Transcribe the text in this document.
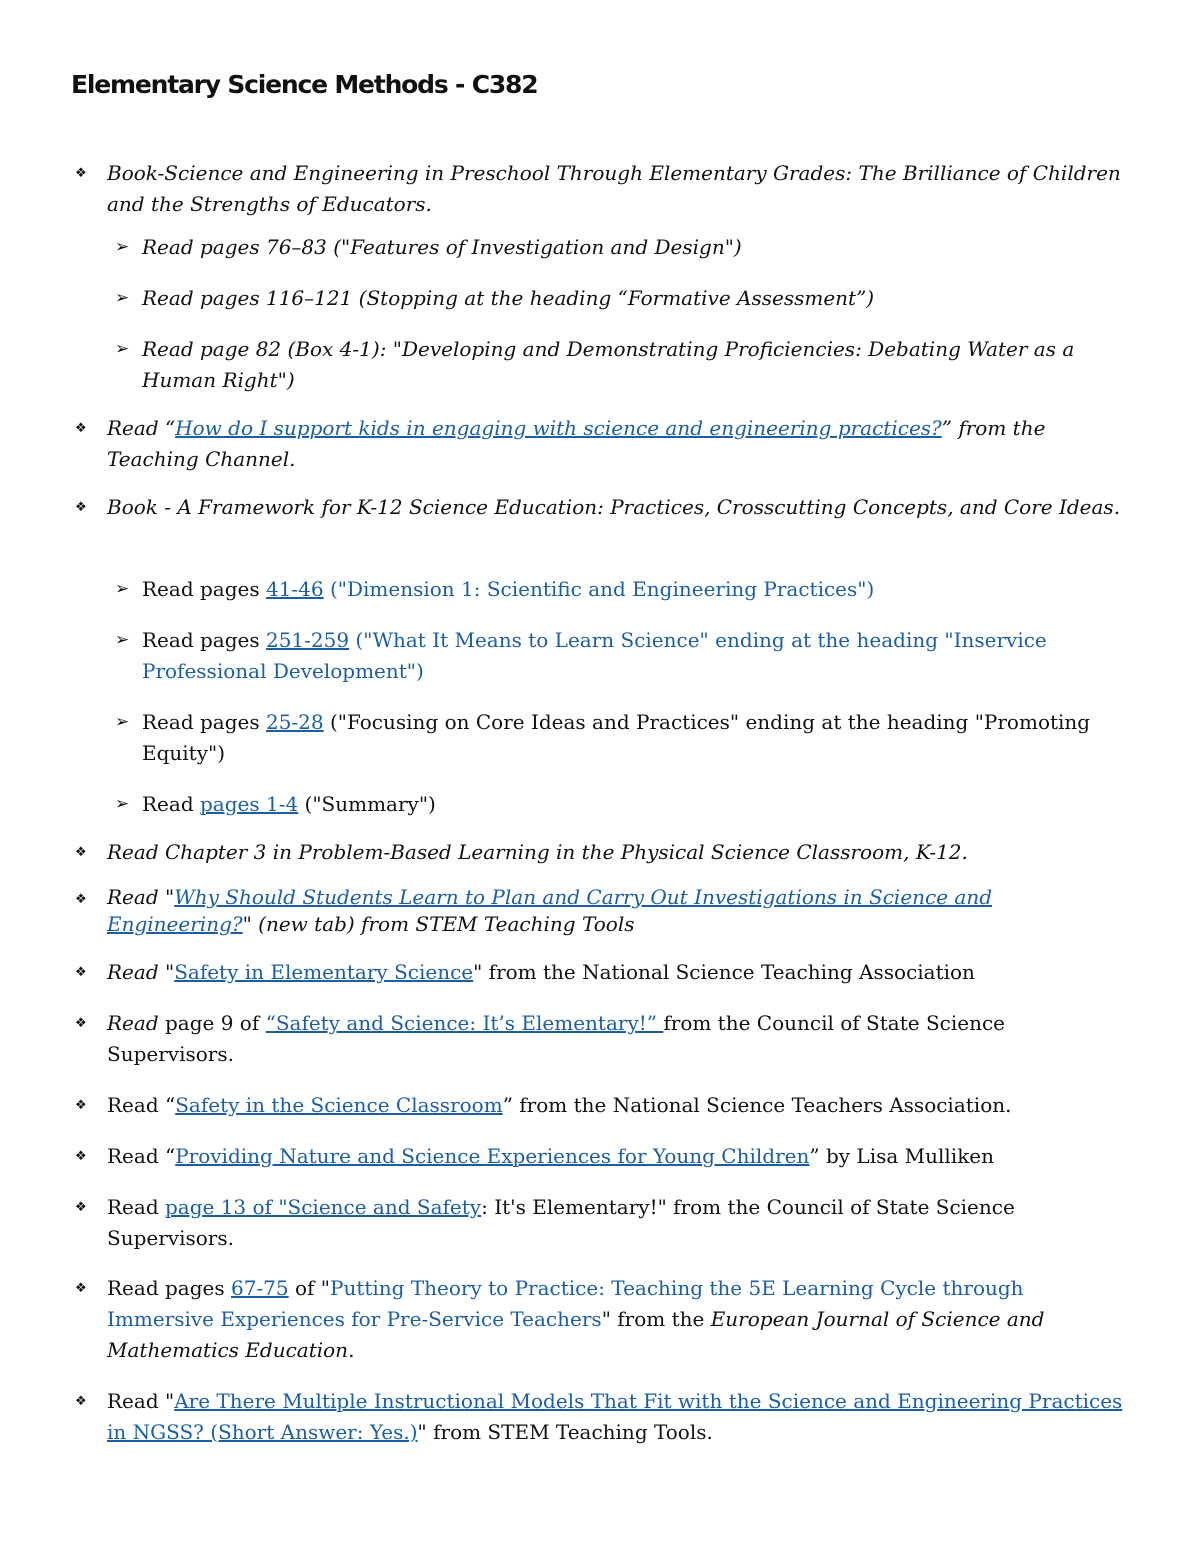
Elementary Science Methods - C382
❖	Book-Science and Engineering in Preschool Through Elementary Grades: The Brilliance of Children and the Strengths of Educators.
➢ Read pages 76–83 ("Features of Investigation and Design")
➢ Read pages 116–121 (Stopping at the heading “Formative Assessment”)
➢ Read page 82 (Box 4-1): "Developing and Demonstrating Proficiencies: Debating Water as a Human Right")
❖	Read “How do I support kids in engaging with science and engineering practices?” from the Teaching Channel.
❖	Book - A Framework for K-12 Science Education: Practices, Crosscutting Concepts, and Core Ideas.
➢ Read pages 41-46 ("Dimension 1: Scientific and Engineering Practices")
➢ Read pages 251-259 ("What It Means to Learn Science" ending at the heading "Inservice Professional Development")
➢ Read pages 25-28 ("Focusing on Core Ideas and Practices" ending at the heading "Promoting Equity")
➢ Read pages 1-4 ("Summary")
❖	Read Chapter 3 in Problem-Based Learning in the Physical Science Classroom, K-12.
❖	Read "Why Should Students Learn to Plan and Carry Out Investigations in Science and Engineering?" (new tab) from STEM Teaching Tools
❖	Read "Safety in Elementary Science" from the National Science Teaching Association
❖	Read page 9 of “Safety and Science: It’s Elementary!” from the Council of State Science Supervisors.
❖	Read “Safety in the Science Classroom” from the National Science Teachers Association.
❖	Read “Providing Nature and Science Experiences for Young Children” by Lisa Mulliken
❖	Read page 13 of "Science and Safety: It's Elementary!" from the Council of State Science Supervisors.
❖	Read pages 67-75 of "Putting Theory to Practice: Teaching the 5E Learning Cycle through Immersive Experiences for Pre-Service Teachers" from the European Journal of Science and Mathematics Education.
❖	Read "Are There Multiple Instructional Models That Fit with the Science and Engineering Practices in NGSS? (Short Answer: Yes.)" from STEM Teaching Tools.
